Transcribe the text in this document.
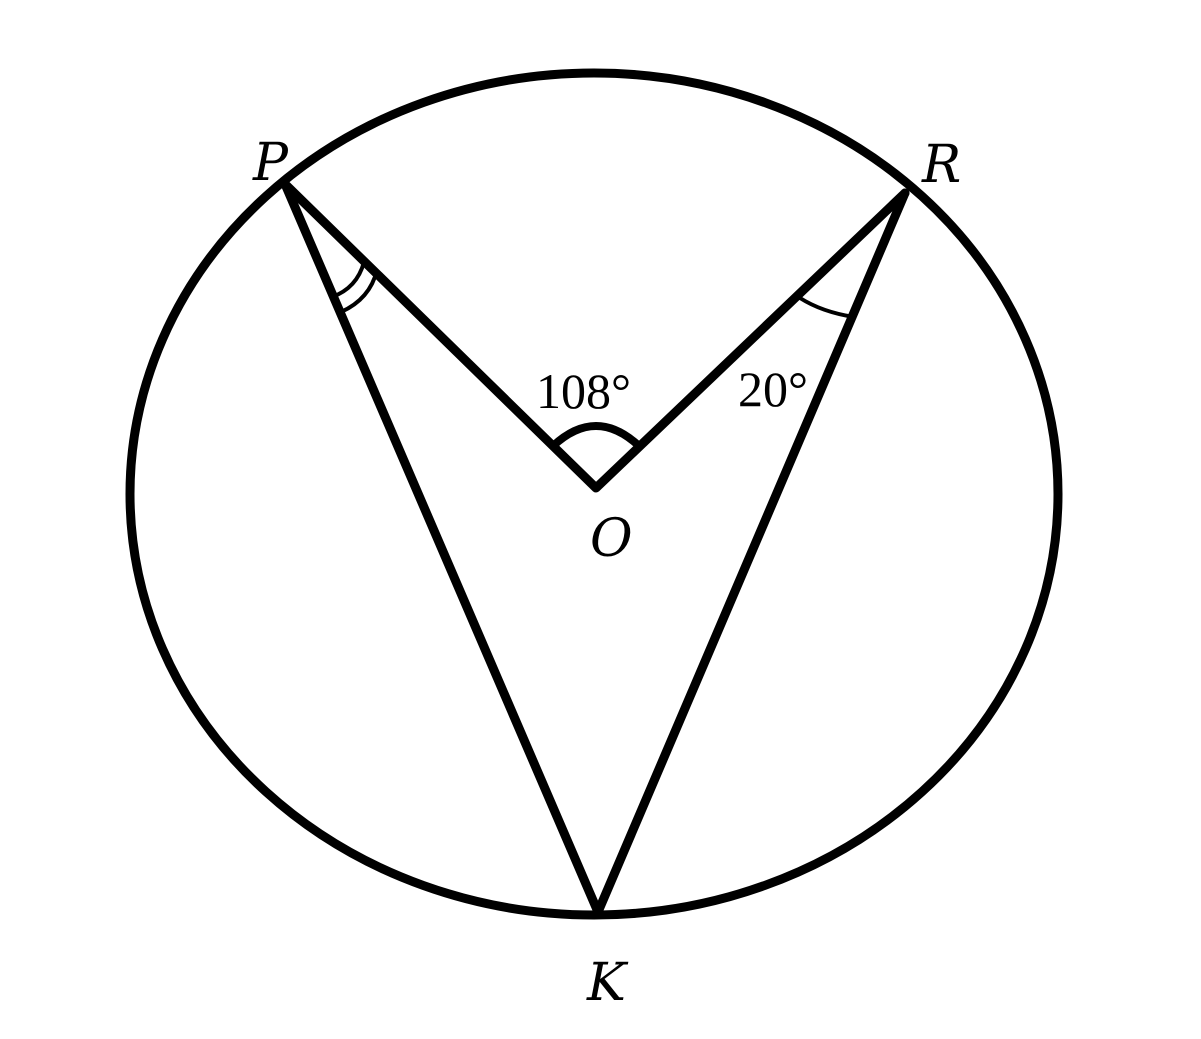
P	R
O
K
108° 20°
